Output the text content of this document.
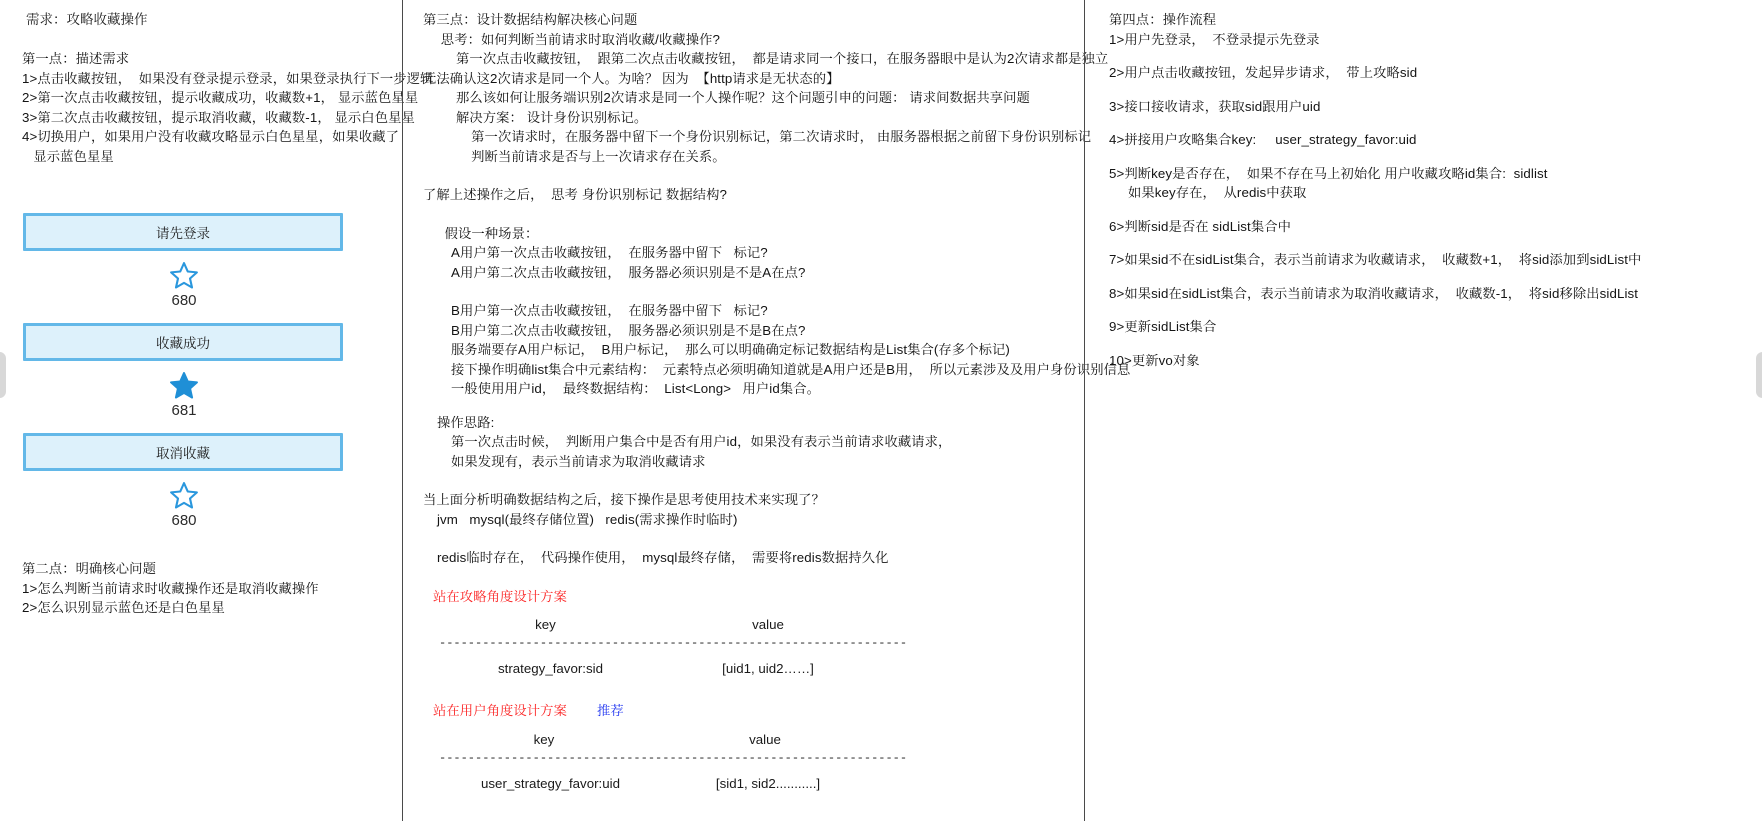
需求：攻略收藏操作
第一点：描述需求
1>点击收藏按钮，  如果没有登录提示登录，如果登录执行下一步逻辑
2>第一次点击收藏按钮，提示收藏成功，收藏数+1， 显示蓝色星星
3>第二次点击收藏按钮，提示取消收藏，收藏数-1， 显示白色星星
4>切换用户，如果用户没有收藏攻略显示白色星星，如果收藏了
显示蓝色星星
请先登录
680
收藏成功
681
取消收藏
680
第二点：明确核心问题
1>怎么判断当前请求时收藏操作还是取消收藏操作
2>怎么识别显示蓝色还是白色星星
第三点：设计数据结构解决核心问题
思考：如何判断当前请求时取消收藏/收藏操作?
第一次点击收藏按钮，  跟第二次点击收藏按钮，  都是请求同一个接口，在服务器眼中是认为2次请求都是独立
无法确认这2次请求是同一个人。为啥？ 因为  【http请求是无状态的】
那么该如何让服务端识别2次请求是同一个人操作呢？这个问题引申的问题： 请求间数据共享问题
解决方案： 设计身份识别标记。
第一次请求时，在服务器中留下一个身份识别标记，第二次请求时， 由服务器根据之前留下身份识别标记
判断当前请求是否与上一次请求存在关系。
了解上述操作之后，  思考 身份识别标记 数据结构?
假设一种场景：
A用户第一次点击收藏按钮，  在服务器中留下   标记?
A用户第二次点击收藏按钮，  服务器必须识别是不是A在点?
B用户第一次点击收藏按钮，  在服务器中留下   标记?
B用户第二次点击收藏按钮，  服务器必须识别是不是B在点?
服务端要存A用户标记，  B用户标记，  那么可以明确确定标记数据结构是List集合(存多个标记)
接下操作明确list集合中元素结构：  元素特点必须明确知道就是A用户还是B用，  所以元素涉及及用户身份识别信息
一般使用用户id，  最终数据结构：  List<Long>   用户id集合。
操作思路:
第一次点击时候，  判断用户集合中是否有用户id，如果没有表示当前请求收藏请求，
如果发现有，表示当前请求为取消收藏请求
当上面分析明确数据结构之后，接下操作是思考使用技术来实现了？
jvm   mysql(最终存储位置)   redis(需求操作时临时)
redis临时存在，  代码操作使用，  mysql最终存储，  需要将redis数据持久化
站在攻略角度设计方案
key	value
-----------------------------------------------------------------
strategy_favor:sid	[uid1, uid2……]
站在用户角度设计方案	推荐
key	value
-----------------------------------------------------------------
user_strategy_favor:uid	[sid1, sid2...........]
第四点：操作流程
1>用户先登录，  不登录提示先登录
2>用户点击收藏按钮，发起异步请求，  带上攻略sid
3>接口接收请求，获取sid跟用户uid
4>拼接用户攻略集合key:     user_strategy_favor:uid
5>判断key是否存在，  如果不存在马上初始化 用户收藏攻略id集合:  sidlist
如果key存在，  从redis中获取
6>判断sid是否在 sidList集合中
7>如果sid不在sidList集合，表示当前请求为收藏请求，  收藏数+1，  将sid添加到sidList中
8>如果sid在sidList集合，表示当前请求为取消收藏请求，  收藏数-1，  将sid移除出sidList
9>更新sidList集合
10>更新vo对象
